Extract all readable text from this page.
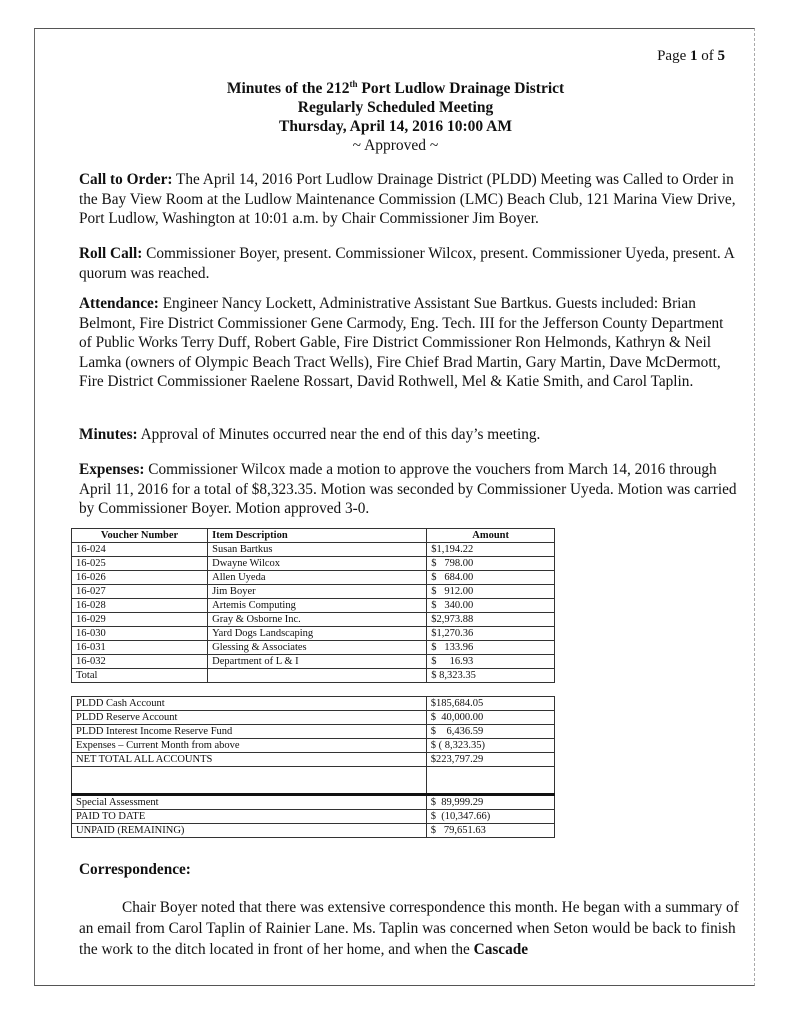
Page 1 of 5
Minutes of the 212th Port Ludlow Drainage District
Regularly Scheduled Meeting
Thursday, April 14, 2016 10:00 AM
~ Approved ~
Call to Order: The April 14, 2016 Port Ludlow Drainage District (PLDD) Meeting was Called to Order in the Bay View Room at the Ludlow Maintenance Commission (LMC) Beach Club, 121 Marina View Drive, Port Ludlow, Washington at 10:01 a.m. by Chair Commissioner Jim Boyer.
Roll Call: Commissioner Boyer, present. Commissioner Wilcox, present. Commissioner Uyeda, present. A quorum was reached.
Attendance: Engineer Nancy Lockett, Administrative Assistant Sue Bartkus. Guests included: Brian Belmont, Fire District Commissioner Gene Carmody, Eng. Tech. III for the Jefferson County Department of Public Works Terry Duff, Robert Gable, Fire District Commissioner Ron Helmonds, Kathryn & Neil Lamka (owners of Olympic Beach Tract Wells), Fire Chief Brad Martin, Gary Martin, Dave McDermott, Fire District Commissioner Raelene Rossart, David Rothwell, Mel & Katie Smith, and Carol Taplin.
Minutes: Approval of Minutes occurred near the end of this day’s meeting.
Expenses: Commissioner Wilcox made a motion to approve the vouchers from March 14, 2016 through April 11, 2016 for a total of $8,323.35. Motion was seconded by Commissioner Uyeda. Motion was carried by Commissioner Boyer. Motion approved 3-0.
Voucher Number	Item Description	Amount
16-024	Susan Bartkus	$1,194.22
16-025	Dwayne Wilcox	$   798.00
16-026	Allen Uyeda	$   684.00
16-027	Jim Boyer	$   912.00
16-028	Artemis Computing	$   340.00
16-029	Gray & Osborne Inc.	$2,973.88
16-030	Yard Dogs Landscaping	$1,270.36
16-031	Glessing & Associates	$   133.96
16-032	Department of L & I	$     16.93
Total		$ 8,323.35
PLDD Cash Account	$185,684.05
PLDD Reserve Account	$  40,000.00
PLDD Interest Income Reserve Fund	$    6,436.59
Expenses – Current Month from above	$ ( 8,323.35)
NET TOTAL ALL ACCOUNTS	$223,797.29

Special Assessment	$  89,999.29
PAID TO DATE	$  (10,347.66)
UNPAID (REMAINING)	$   79,651.63
Correspondence:
Chair Boyer noted that there was extensive correspondence this month. He began with a summary of an email from Carol Taplin of Rainier Lane. Ms. Taplin was concerned when Seton would be back to finish the work to the ditch located in front of her home, and when the Cascade
